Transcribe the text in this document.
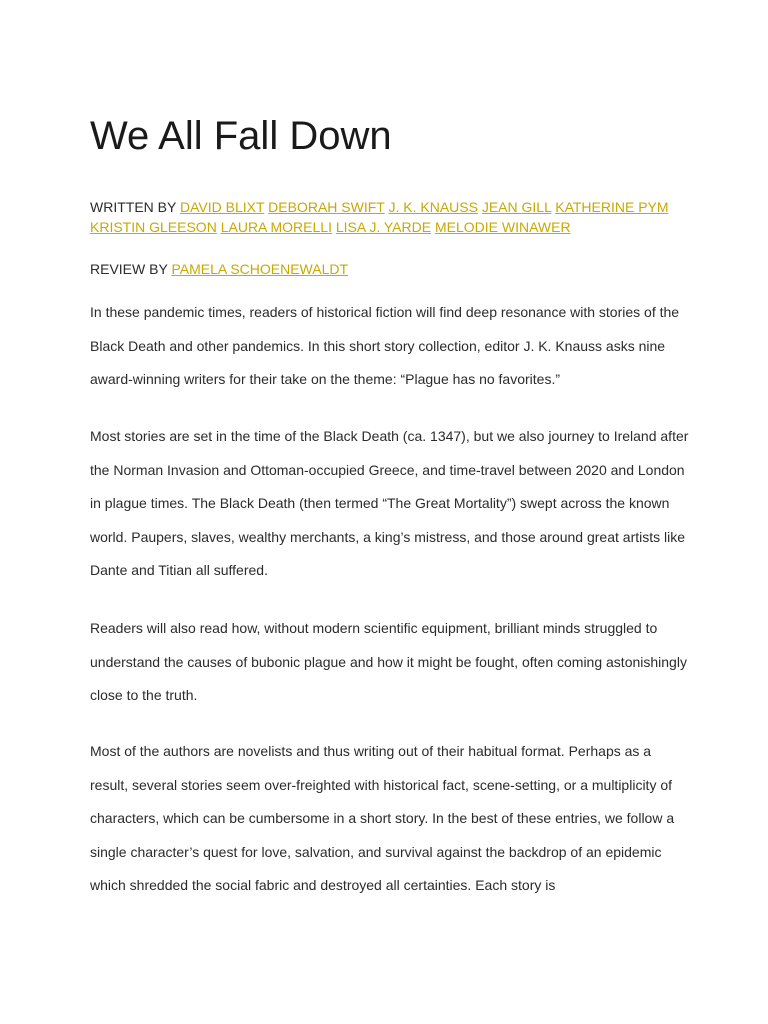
We All Fall Down

WRITTEN BY DAVID BLIXT DEBORAH SWIFT J. K. KNAUSS JEAN GILL KATHERINE PYM KRISTIN GLEESON LAURA MORELLI LISA J. YARDE MELODIE WINAWER

REVIEW BY PAMELA SCHOENEWALDT

In these pandemic times, readers of historical fiction will find deep resonance with stories of the Black Death and other pandemics. In this short story collection, editor J. K. Knauss asks nine award-winning writers for their take on the theme: “Plague has no favorites.”

Most stories are set in the time of the Black Death (ca. 1347), but we also journey to Ireland after the Norman Invasion and Ottoman-occupied Greece, and time-travel between 2020 and London in plague times. The Black Death (then termed “The Great Mortality”) swept across the known world. Paupers, slaves, wealthy merchants, a king’s mistress, and those around great artists like Dante and Titian all suffered.

Readers will also read how, without modern scientific equipment, brilliant minds struggled to understand the causes of bubonic plague and how it might be fought, often coming astonishingly close to the truth.

Most of the authors are novelists and thus writing out of their habitual format. Perhaps as a result, several stories seem over-freighted with historical fact, scene-setting, or a multiplicity of characters, which can be cumbersome in a short story. In the best of these entries, we follow a single character’s quest for love, salvation, and survival against the backdrop of an epidemic which shredded the social fabric and destroyed all certainties. Each story is
